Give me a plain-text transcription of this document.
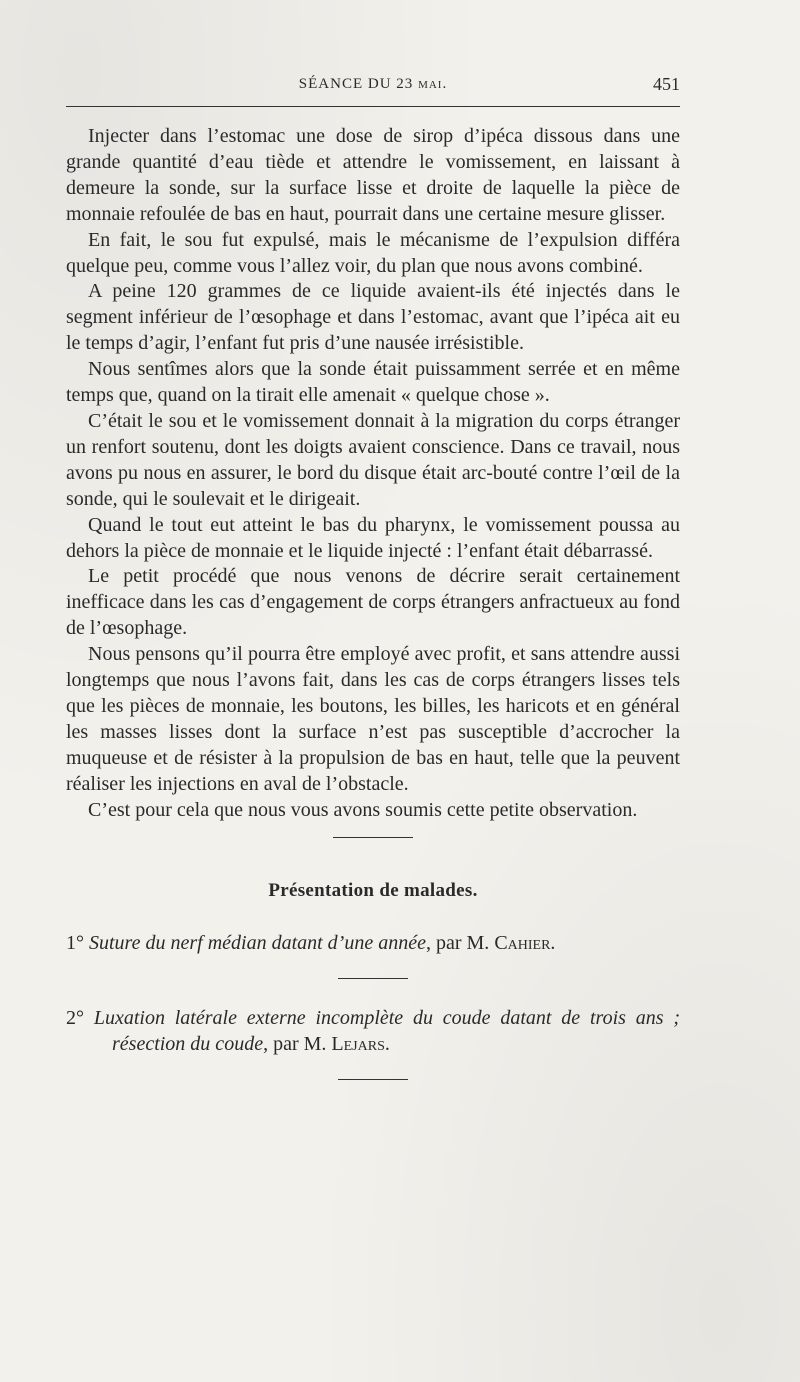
SÉANCE DU 23 mai.	451

Injecter dans l’estomac une dose de sirop d’ipéca dissous dans une grande quantité d’eau tiède et attendre le vomissement, en laissant à demeure la sonde, sur la surface lisse et droite de laquelle la pièce de monnaie refoulée de bas en haut, pourrait dans une certaine mesure glisser.

En fait, le sou fut expulsé, mais le mécanisme de l’expulsion différa quelque peu, comme vous l’allez voir, du plan que nous avons combiné.

A peine 120 grammes de ce liquide avaient-ils été injectés dans le segment inférieur de l’œsophage et dans l’estomac, avant que l’ipéca ait eu le temps d’agir, l’enfant fut pris d’une nausée irrésistible.

Nous sentîmes alors que la sonde était puissamment serrée et en même temps que, quand on la tirait elle amenait « quelque chose ».

C’était le sou et le vomissement donnait à la migration du corps étranger un renfort soutenu, dont les doigts avaient conscience. Dans ce travail, nous avons pu nous en assurer, le bord du disque était arc-bouté contre l’œil de la sonde, qui le soulevait et le dirigeait.

Quand le tout eut atteint le bas du pharynx, le vomissement poussa au dehors la pièce de monnaie et le liquide injecté : l’enfant était débarrassé.

Le petit procédé que nous venons de décrire serait certainement inefficace dans les cas d’engagement de corps étrangers anfractueux au fond de l’œsophage.

Nous pensons qu’il pourra être employé avec profit, et sans attendre aussi longtemps que nous l’avons fait, dans les cas de corps étrangers lisses tels que les pièces de monnaie, les boutons, les billes, les haricots et en général les masses lisses dont la surface n’est pas susceptible d’accrocher la muqueuse et de résister à la propulsion de bas en haut, telle que la peuvent réaliser les injections en aval de l’obstacle.

C’est pour cela que nous vous avons soumis cette petite observation.

Présentation de malades.
1° Suture du nerf médian datant d’une année, par M. Cahier.
2° Luxation latérale externe incomplète du coude datant de trois ans ; résection du coude, par M. Lejars.
